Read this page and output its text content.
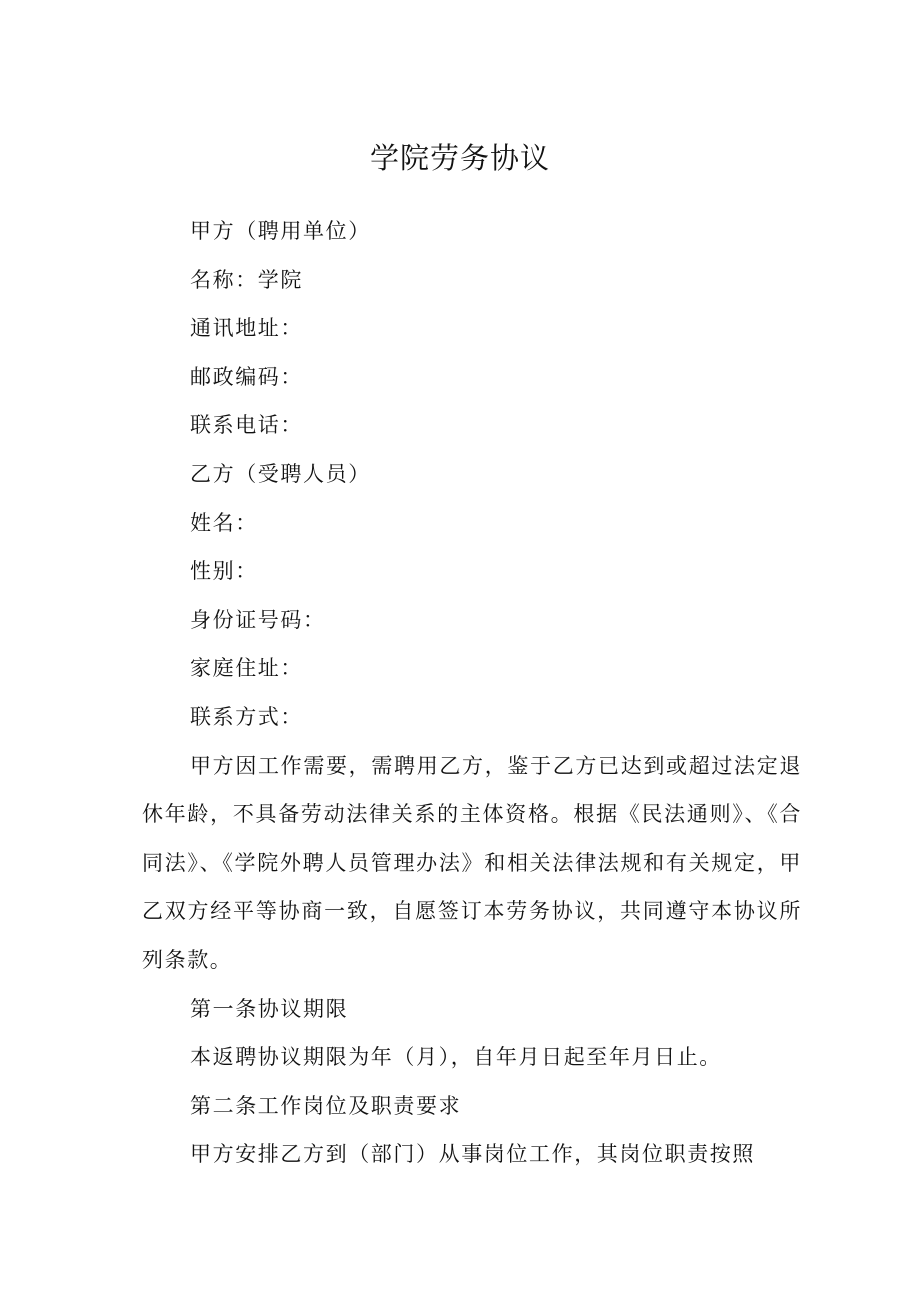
学院劳务协议

甲方（聘用单位）

名称：学院

通讯地址：

邮政编码：

联系电话：

乙方（受聘人员）

姓名：

性别：

身份证号码：

家庭住址：

联系方式：

甲方因工作需要，需聘用乙方，鉴于乙方已达到或超过法定退休年龄，不具备劳动法律关系的主体资格。根据《民法通则》、《合同法》、《学院外聘人员管理办法》和相关法律法规和有关规定，甲乙双方经平等协商一致，自愿签订本劳务协议，共同遵守本协议所列条款。

第一条协议期限

本返聘协议期限为年（月），自年月日起至年月日止。

第二条工作岗位及职责要求

甲方安排乙方到（部门）从事岗位工作，其岗位职责按照
